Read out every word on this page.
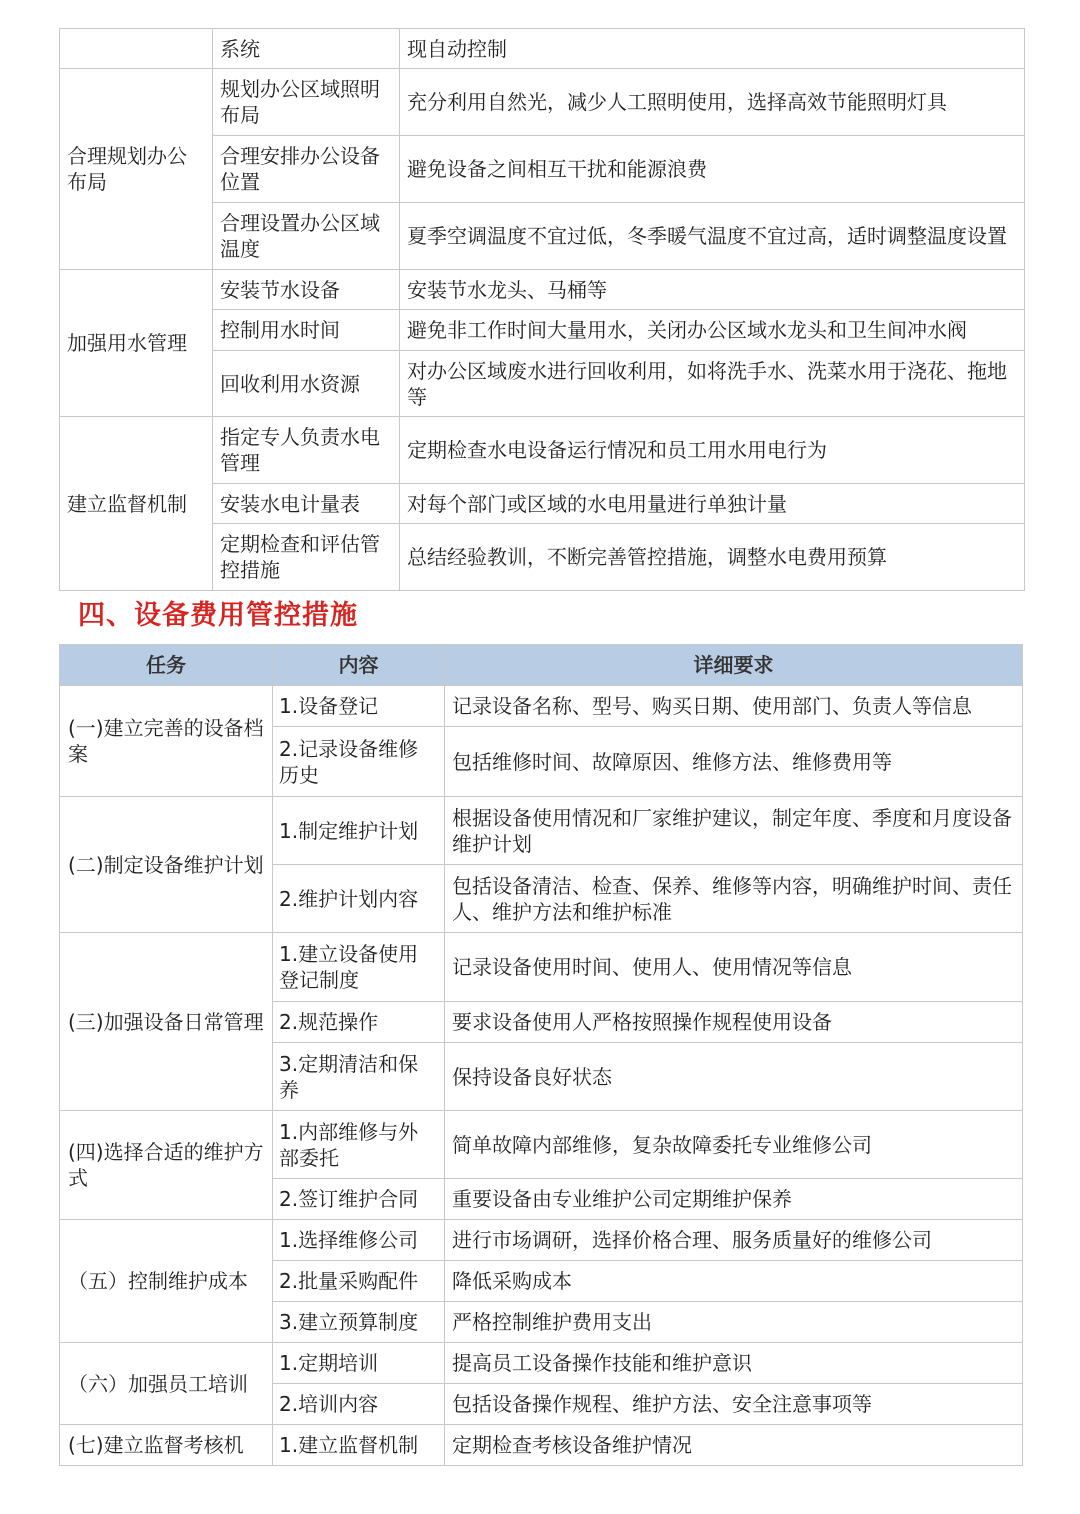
	系统	现自动控制
合理规划办公布局	规划办公区域照明布局	充分利用自然光，减少人工照明使用，选择高效节能照明灯具
	合理安排办公设备位置	避免设备之间相互干扰和能源浪费
	合理设置办公区域温度	夏季空调温度不宜过低，冬季暖气温度不宜过高，适时调整温度设置
加强用水管理	安装节水设备	安装节水龙头、马桶等
	控制用水时间	避免非工作时间大量用水，关闭办公区域水龙头和卫生间冲水阀
	回收利用水资源	对办公区域废水进行回收利用，如将洗手水、洗菜水用于浇花、拖地等
建立监督机制	指定专人负责水电管理	定期检查水电设备运行情况和员工用水用电行为
	安装水电计量表	对每个部门或区域的水电用量进行单独计量
	定期检查和评估管控措施	总结经验教训，不断完善管控措施，调整水电费用预算
四、设备费用管控措施
任务	内容	详细要求
(一)建立完善的设备档案	1.设备登记	记录设备名称、型号、购买日期、使用部门、负责人等信息
	2.记录设备维修历史	包括维修时间、故障原因、维修方法、维修费用等
(二)制定设备维护计划	1.制定维护计划	根据设备使用情况和厂家维护建议，制定年度、季度和月度设备维护计划
	2.维护计划内容	包括设备清洁、检查、保养、维修等内容，明确维护时间、责任人、维护方法和维护标准
(三)加强设备日常管理	1.建立设备使用登记制度	记录设备使用时间、使用人、使用情况等信息
	2.规范操作	要求设备使用人严格按照操作规程使用设备
	3.定期清洁和保养	保持设备良好状态
(四)选择合适的维护方式	1.内部维修与外部委托	简单故障内部维修，复杂故障委托专业维修公司
	2.签订维护合同	重要设备由专业维护公司定期维护保养
（五）控制维护成本	1.选择维修公司	进行市场调研，选择价格合理、服务质量好的维修公司
	2.批量采购配件	降低采购成本
	3.建立预算制度	严格控制维护费用支出
（六）加强员工培训	1.定期培训	提高员工设备操作技能和维护意识
	2.培训内容	包括设备操作规程、维护方法、安全注意事项等
(七)建立监督考核机	1.建立监督机制	定期检查考核设备维护情况
